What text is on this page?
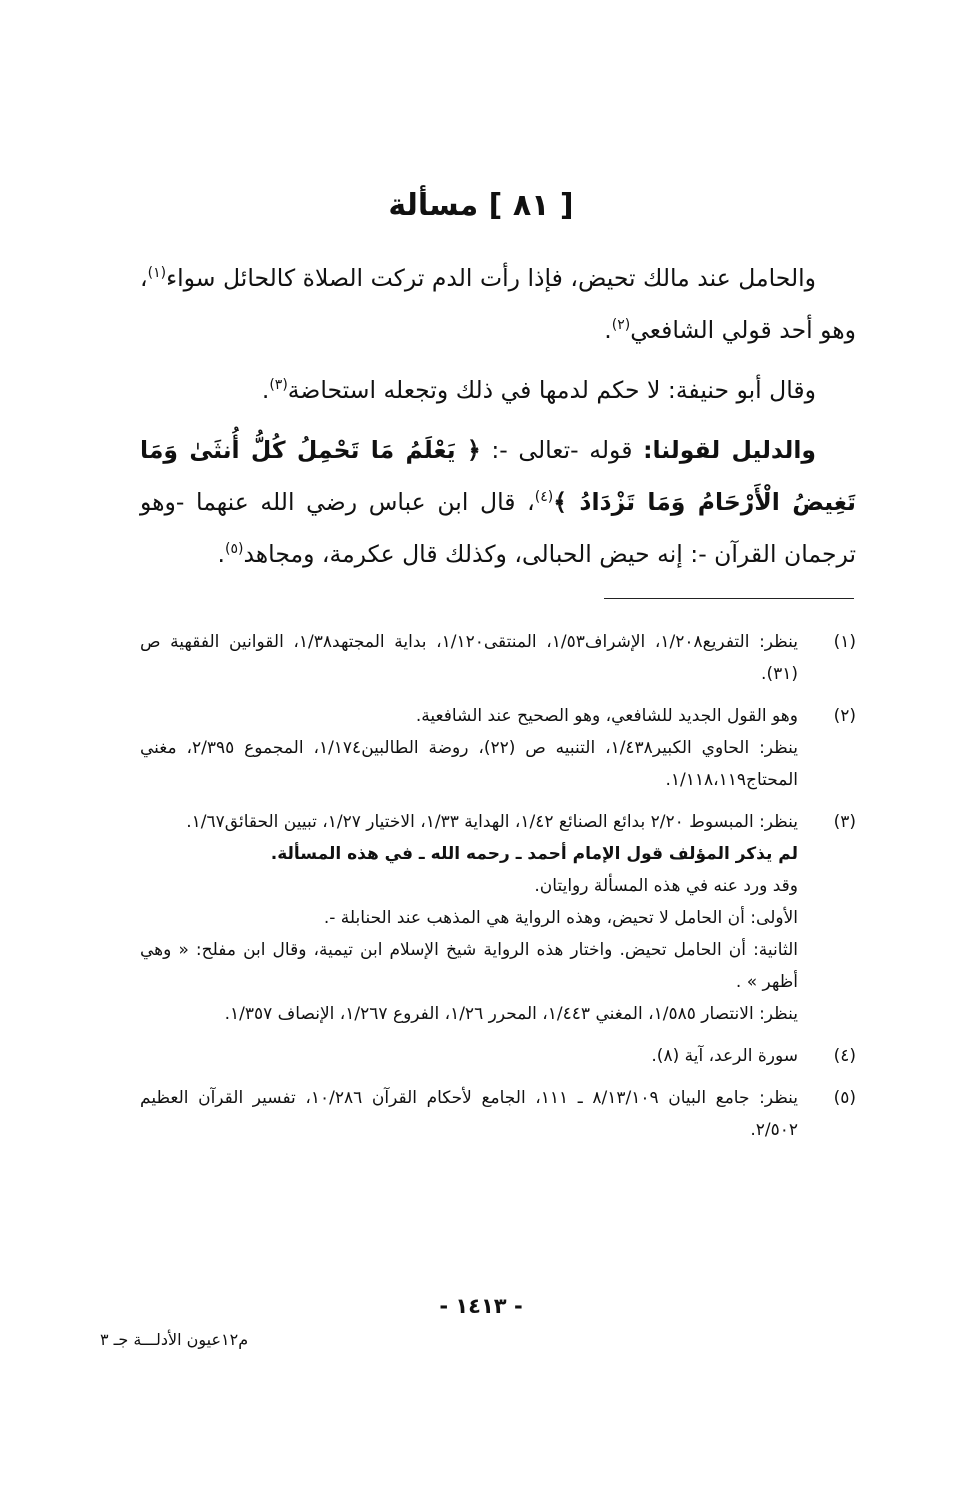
[ ٨١ ] مسألة

والحامل عند مالك تحيض، فإذا رأت الدم تركت الصلاة كالحائل سواء$^{(١)}$، وهو أحد قولي الشافعي$^{(٢)}$.

وقال أبو حنيفة: لا حكم لدمها في ذلك وتجعله استحاضة$^{(٣)}$.

والدليل لقولنا: قوله -تعالى -: ﴿ يَعْلَمُ مَا تَحْمِلُ كُلُّ أُنثَىٰ وَمَا تَغِيضُ الْأَرْحَامُ وَمَا تَزْدَادُ ﴾$^{(٤)}$، قال ابن عباس رضي الله عنهما -وهو ترجمان القرآن -: إنه حيض الحبالى، وكذلك قال عكرمة، ومجاهد$^{(٥)}$.

(١)
ينظر: التفريع١/٢٠٨، الإشراف١/٥٣، المنتقى١/١٢٠، بداية المجتهد١/٣٨، القوانين الفقهية ص (٣١).
(٢)
وهو القول الجديد للشافعي، وهو الصحيح عند الشافعية.
ينظر: الحاوي الكبير١/٤٣٨، التنبيه ص (٢٢)، روضة الطالبين١/١٧٤، المجموع ٢/٣٩٥، مغني المحتاج١/١١٨،١١٩.
(٣)
ينظر: المبسوط ٢/٢٠ بدائع الصنائع ١/٤٢، الهداية ١/٣٣، الاختيار ١/٢٧، تبيين الحقائق١/٦٧.
لم يذكر المؤلف قول الإمام أحمد ـ رحمه الله ـ في هذه المسألة.
وقد ورد عنه في هذه المسألة روايتان.
الأولى: أن الحامل لا تحيض، وهذه الرواية هي المذهب عند الحنابلة -.
الثانية: أن الحامل تحيض. واختار هذه الرواية شيخ الإسلام ابن تيمية، وقال ابن مفلح: « وهي أظهر » .
ينظر: الانتصار ١/٥٨٥، المغني ١/٤٤٣، المحرر ١/٢٦، الفروع ١/٢٦٧، الإنصاف ١/٣٥٧.
(٤)
سورة الرعد، آية (٨).
(٥)
ينظر: جامع البيان ٨/١٣/١٠٩ ـ ١١١، الجامع لأحكام القرآن ١٠/٢٨٦، تفسير القرآن العظيم ٢/٥٠٢.
- ١٤١٣ -
م١٢عيون الأدلـــة جـ ٣
